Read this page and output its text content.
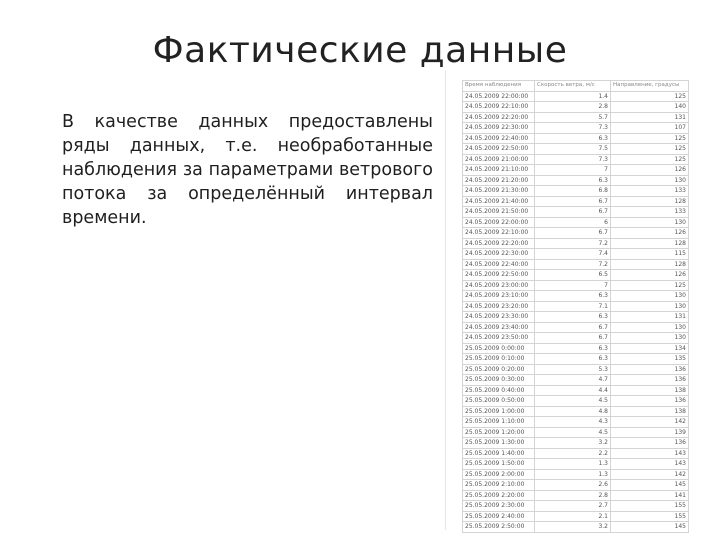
Фактические данные
В качестве данных предоставлены ряды данных, т.е. необработанные наблюдения за параметрами ветрового потока за определённый интервал времени.
Время наблюдения	Скорость ветра, м/с	Направление, градусы
24.05.2009 22:00:00	1.4	125
24.05.2009 22:10:00	2.8	140
24.05.2009 22:20:00	5.7	131
24.05.2009 22:30:00	7.3	107
24.05.2009 22:40:00	6.3	125
24.05.2009 22:50:00	7.5	125
24.05.2009 21:00:00	7.3	125
24.05.2009 21:10:00	7	126
24.05.2009 21:20:00	6.3	130
24.05.2009 21:30:00	6.8	133
24.05.2009 21:40:00	6.7	128
24.05.2009 21:50:00	6.7	133
24.05.2009 22:00:00	6	130
24.05.2009 22:10:00	6.7	126
24.05.2009 22:20:00	7.2	128
24.05.2009 22:30:00	7.4	115
24.05.2009 22:40:00	7.2	128
24.05.2009 22:50:00	6.5	126
24.05.2009 23:00:00	7	125
24.05.2009 23:10:00	6.3	130
24.05.2009 23:20:00	7.1	130
24.05.2009 23:30:00	6.3	131
24.05.2009 23:40:00	6.7	130
24.05.2009 23:50:00	6.7	130
25.05.2009 0:00:00	6.3	134
25.05.2009 0:10:00	6.3	135
25.05.2009 0:20:00	5.3	136
25.05.2009 0:30:00	4.7	136
25.05.2009 0:40:00	4.4	138
25.05.2009 0:50:00	4.5	136
25.05.2009 1:00:00	4.8	138
25.05.2009 1:10:00	4.3	142
25.05.2009 1:20:00	4.5	139
25.05.2009 1:30:00	3.2	136
25.05.2009 1:40:00	2.2	143
25.05.2009 1:50:00	1.3	143
25.05.2009 2:00:00	1.3	142
25.05.2009 2:10:00	2.6	145
25.05.2009 2:20:00	2.8	141
25.05.2009 2:30:00	2.7	155
25.05.2009 2:40:00	2.1	155
25.05.2009 2:50:00	3.2	145
